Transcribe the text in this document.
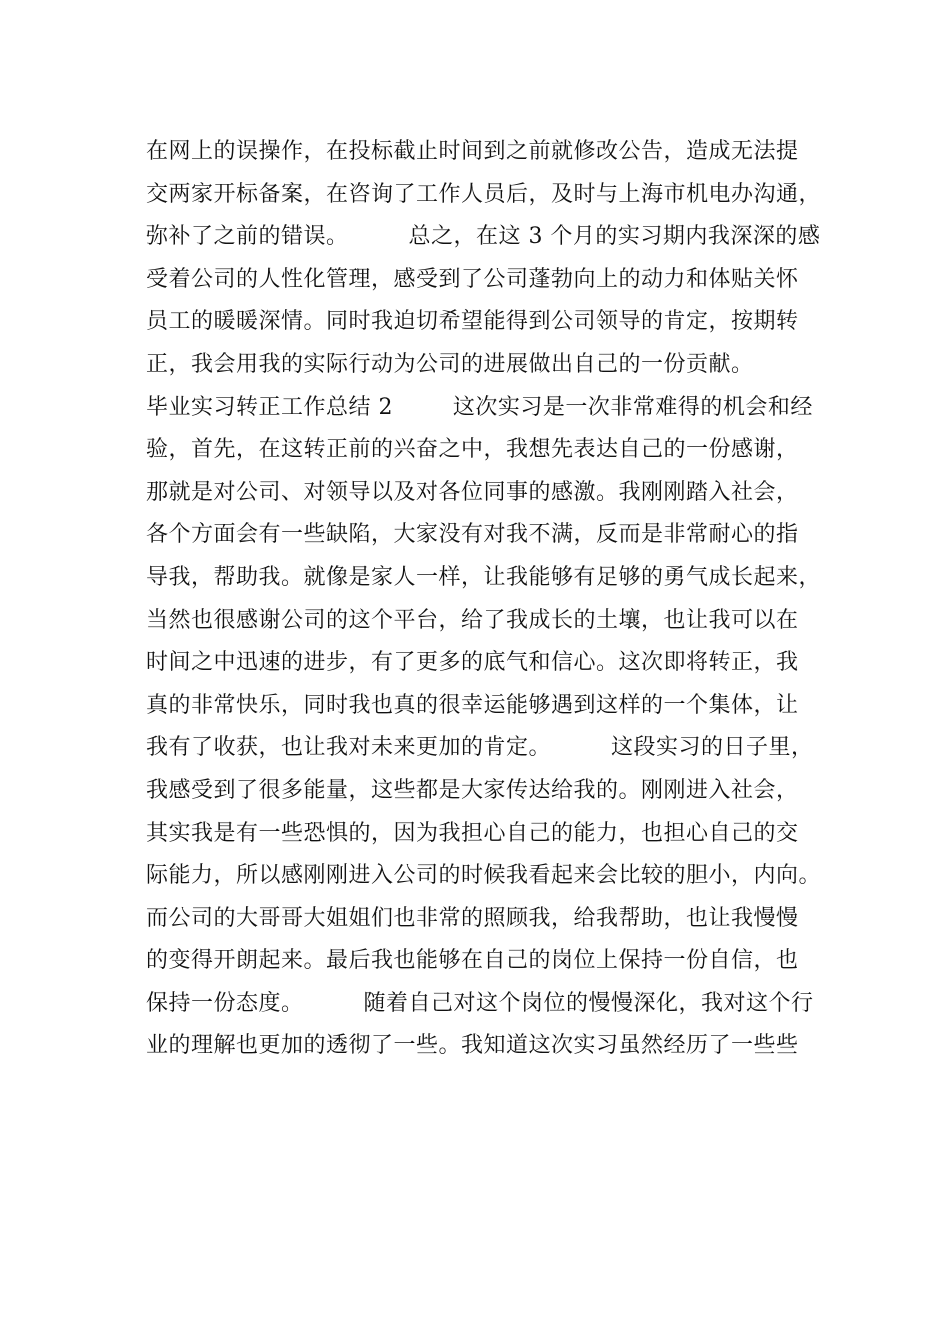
在网上的误操作，在投标截止时间到之前就修改公告，造成无法提
交两家开标备案，在咨询了工作人员后，及时与上海市机电办沟通，
弥补了之前的错误。        总之，在这 3 个月的实习期内我深深的感
受着公司的人性化管理，感受到了公司蓬勃向上的动力和体贴关怀
员工的暖暖深情。同时我迫切希望能得到公司领导的肯定，按期转
正，我会用我的实际行动为公司的进展做出自己的一份贡献。
毕业实习转正工作总结 2        这次实习是一次非常难得的机会和经
验，首先，在这转正前的兴奋之中，我想先表达自己的一份感谢，
那就是对公司、对领导以及对各位同事的感激。我刚刚踏入社会，
各个方面会有一些缺陷，大家没有对我不满，反而是非常耐心的指
导我，帮助我。就像是家人一样，让我能够有足够的勇气成长起来，
当然也很感谢公司的这个平台，给了我成长的土壤，也让我可以在
时间之中迅速的进步，有了更多的底气和信心。这次即将转正，我
真的非常快乐，同时我也真的很幸运能够遇到这样的一个集体，让
我有了收获，也让我对未来更加的肯定。        这段实习的日子里，
我感受到了很多能量，这些都是大家传达给我的。刚刚进入社会，
其实我是有一些恐惧的，因为我担心自己的能力，也担心自己的交
际能力，所以感刚刚进入公司的时候我看起来会比较的胆小，内向。
而公司的大哥哥大姐姐们也非常的照顾我，给我帮助，也让我慢慢
的变得开朗起来。最后我也能够在自己的岗位上保持一份自信，也
保持一份态度。        随着自己对这个岗位的慢慢深化，我对这个行
业的理解也更加的透彻了一些。我知道这次实习虽然经历了一些些
